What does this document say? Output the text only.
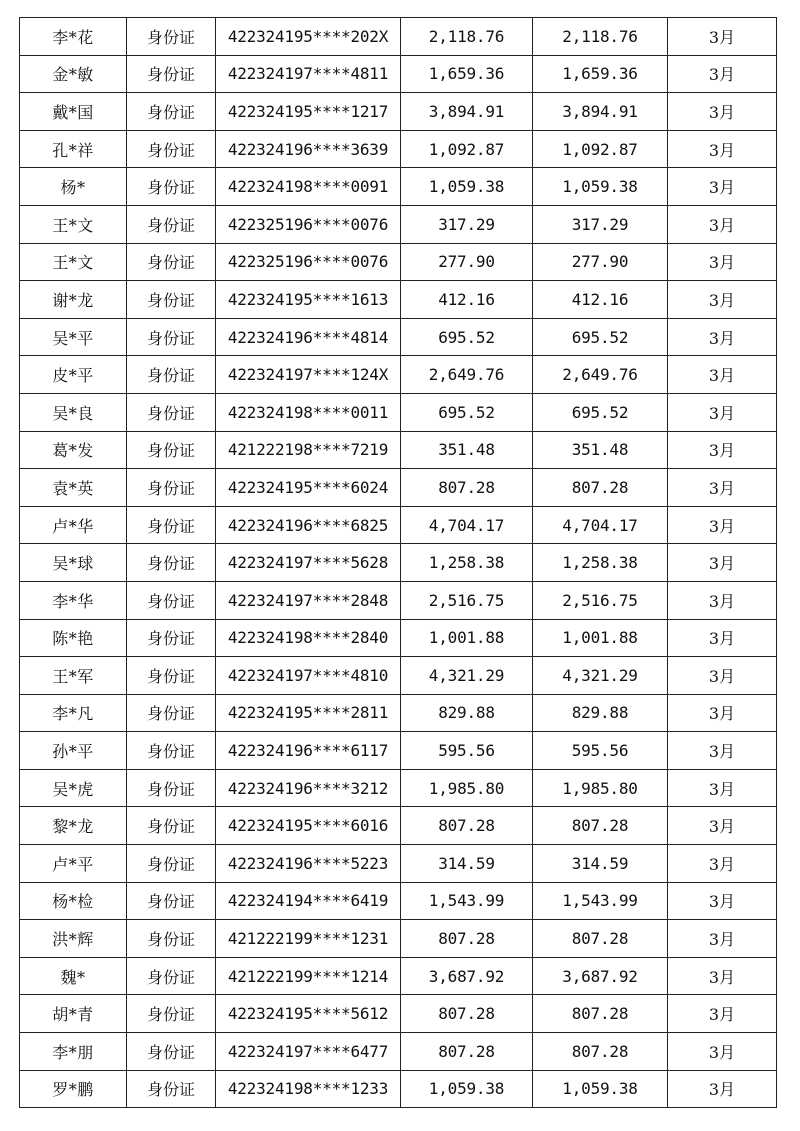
李*花	身份证	422324195****202X	2,118.76	2,118.76	3月
金*敏	身份证	422324197****4811	1,659.36	1,659.36	3月
戴*国	身份证	422324195****1217	3,894.91	3,894.91	3月
孔*祥	身份证	422324196****3639	1,092.87	1,092.87	3月
杨*	身份证	422324198****0091	1,059.38	1,059.38	3月
王*文	身份证	422325196****0076	317.29	317.29	3月
王*文	身份证	422325196****0076	277.90	277.90	3月
谢*龙	身份证	422324195****1613	412.16	412.16	3月
吴*平	身份证	422324196****4814	695.52	695.52	3月
皮*平	身份证	422324197****124X	2,649.76	2,649.76	3月
吴*良	身份证	422324198****0011	695.52	695.52	3月
葛*发	身份证	421222198****7219	351.48	351.48	3月
袁*英	身份证	422324195****6024	807.28	807.28	3月
卢*华	身份证	422324196****6825	4,704.17	4,704.17	3月
吴*球	身份证	422324197****5628	1,258.38	1,258.38	3月
李*华	身份证	422324197****2848	2,516.75	2,516.75	3月
陈*艳	身份证	422324198****2840	1,001.88	1,001.88	3月
王*军	身份证	422324197****4810	4,321.29	4,321.29	3月
李*凡	身份证	422324195****2811	829.88	829.88	3月
孙*平	身份证	422324196****6117	595.56	595.56	3月
吴*虎	身份证	422324196****3212	1,985.80	1,985.80	3月
黎*龙	身份证	422324195****6016	807.28	807.28	3月
卢*平	身份证	422324196****5223	314.59	314.59	3月
杨*检	身份证	422324194****6419	1,543.99	1,543.99	3月
洪*辉	身份证	421222199****1231	807.28	807.28	3月
魏*	身份证	421222199****1214	3,687.92	3,687.92	3月
胡*青	身份证	422324195****5612	807.28	807.28	3月
李*朋	身份证	422324197****6477	807.28	807.28	3月
罗*鹏	身份证	422324198****1233	1,059.38	1,059.38	3月
